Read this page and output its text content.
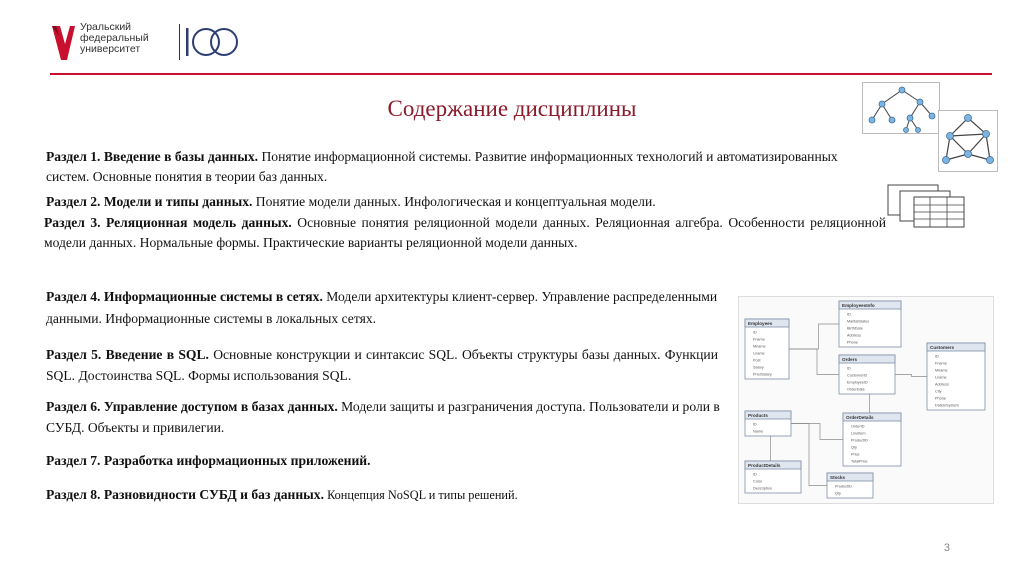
Уральский
федеральный
университет
Содержание дисциплины
Раздел 1. Введение в базы данных. Понятие информационной системы. Развитие информационных технологий и автоматизированных систем. Основные понятия в теории баз данных.
Раздел 2. Модели и типы данных. Понятие модели данных. Инфологическая и концептуальная модели.
Раздел 3. Реляционная модель данных. Основные понятия реляционной модели данных. Реляционная алгебра. Особенности реляционной модели данных. Нормальные формы. Практические варианты реляционной модели данных.
Раздел 4. Информационные системы в сетях. Модели архитектуры клиент-сервер. Управление распределенными данными. Информационные системы в локальных сетях.
Раздел 5. Введение в SQL. Основные конструкции и синтаксис SQL. Объекты структуры базы данных. Функции SQL. Достоинства SQL. Формы использования SQL.
Раздел 6. Управление доступом в базах данных. Модели защиты и разграничения доступа. Пользователи и роли в СУБД. Объекты и привилегии.
Раздел 7. Разработка информационных приложений.
Раздел 8. Разновидности СУБД и баз данных. Концепция NoSQL и типы решений.
Employees
ID
Fname
Mname
Lname
Post
Salary
PriorSalary
EmployeesInfo
ID
MaritalStatus
BirthDate
Address
Phone
Orders
ID
CustomerID
EmployeeID
OrderDate
Customers
ID
Fname
Mname
Lname
Address
City
Phone
DateInSystem
Products
ID
Name
OrderDetails
OrderID
LineItem
ProductID
Qty
Price
TotalPrice
ProductDetails
ID
Color
Description
Stocks
ProductID
Qty
3
